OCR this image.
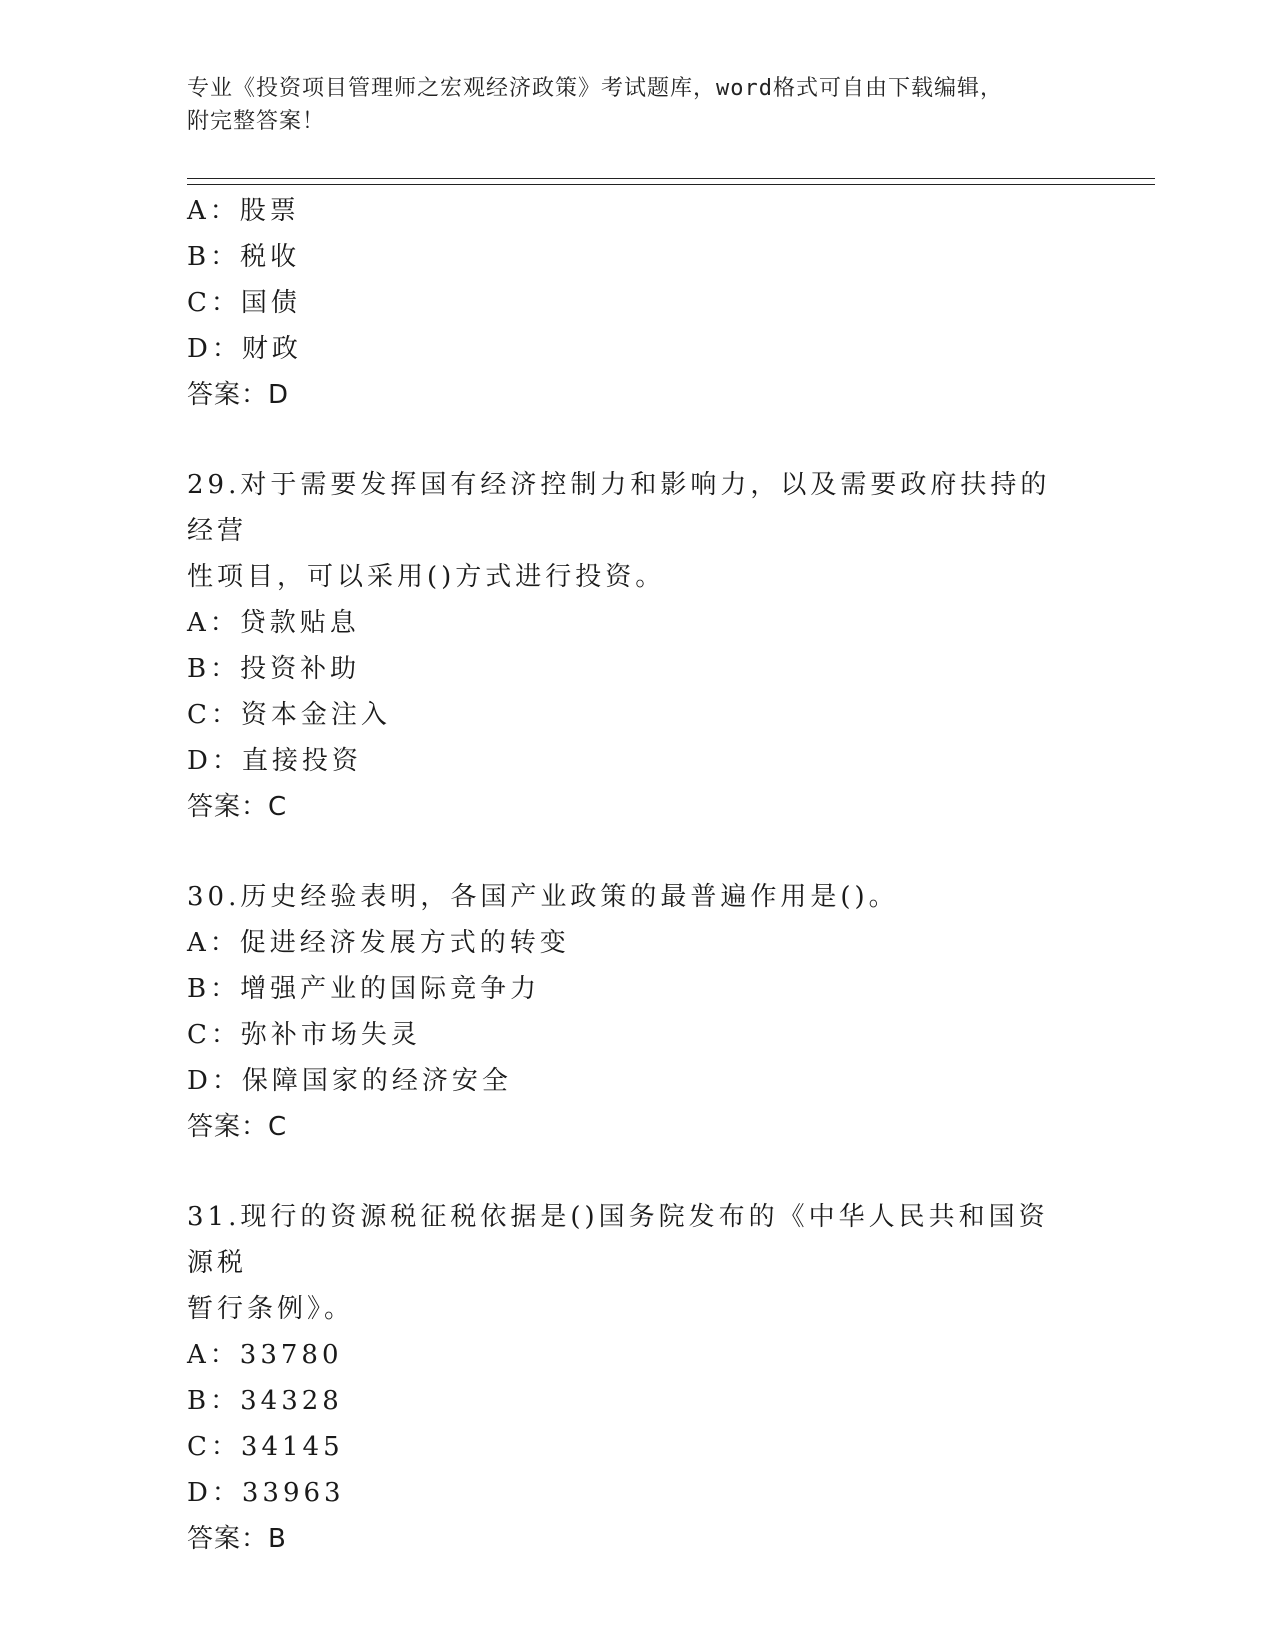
专业《投资项目管理师之宏观经济政策》考试题库，word格式可自由下载编辑，
附完整答案！
A：股票
B：税收
C：国债
D：财政
答案：D
29.对于需要发挥国有经济控制力和影响力，以及需要政府扶持的经营
性项目，可以采用()方式进行投资。
A：贷款贴息
B：投资补助
C：资本金注入
D：直接投资
答案：C
30.历史经验表明，各国产业政策的最普遍作用是()。
A：促进经济发展方式的转变
B：增强产业的国际竞争力
C：弥补市场失灵
D：保障国家的经济安全
答案：C
31.现行的资源税征税依据是()国务院发布的《中华人民共和国资源税
暂行条例》。
A：33780
B：34328
C：34145
D：33963
答案：B
